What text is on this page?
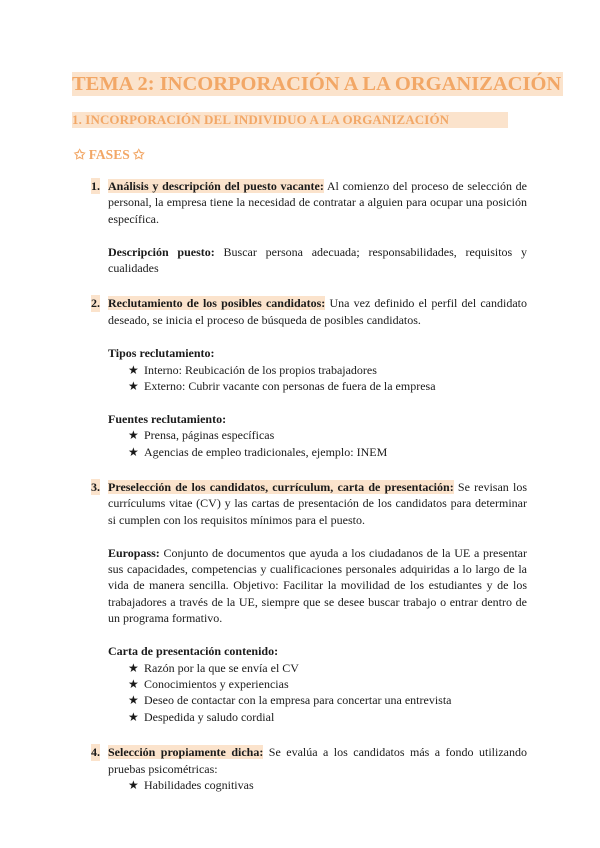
TEMA 2: INCORPORACIÓN A LA ORGANIZACIÓN
1. INCORPORACIÓN DEL INDIVIDUO A LA ORGANIZACIÓN
✩ FASES ✩
1. Análisis y descripción del puesto vacante: Al comienzo del proceso de selección de personal, la empresa tiene la necesidad de contratar a alguien para ocupar una posición específica.

Descripción puesto: Buscar persona adecuada; responsabilidades, requisitos y cualidades

2. Reclutamiento de los posibles candidatos: Una vez definido el perfil del candidato deseado, se inicia el proceso de búsqueda de posibles candidatos.

Tipos reclutamiento:

★ Interno: Reubicación de los propios trabajadores
★ Externo: Cubrir vacante con personas de fuera de la empresa

Fuentes reclutamiento:

★ Prensa, páginas específicas
★ Agencias de empleo tradicionales, ejemplo: INEM
3. Preselección de los candidatos, currículum, carta de presentación: Se revisan los currículums vitae (CV) y las cartas de presentación de los candidatos para determinar si cumplen con los requisitos mínimos para el puesto.

Europass: Conjunto de documentos que ayuda a los ciudadanos de la UE a presentar sus capacidades, competencias y cualificaciones personales adquiridas a lo largo de la vida de manera sencilla. Objetivo: Facilitar la movilidad de los estudiantes y de los trabajadores a través de la UE, siempre que se desee buscar trabajo o entrar dentro de un programa formativo.

Carta de presentación contenido:

★ Razón por la que se envía el CV
★ Conocimientos y experiencias
★ Deseo de contactar con la empresa para concertar una entrevista
★ Despedida y saludo cordial
4. Selección propiamente dicha: Se evalúa a los candidatos más a fondo utilizando pruebas psicométricas:

★ Habilidades cognitivas
